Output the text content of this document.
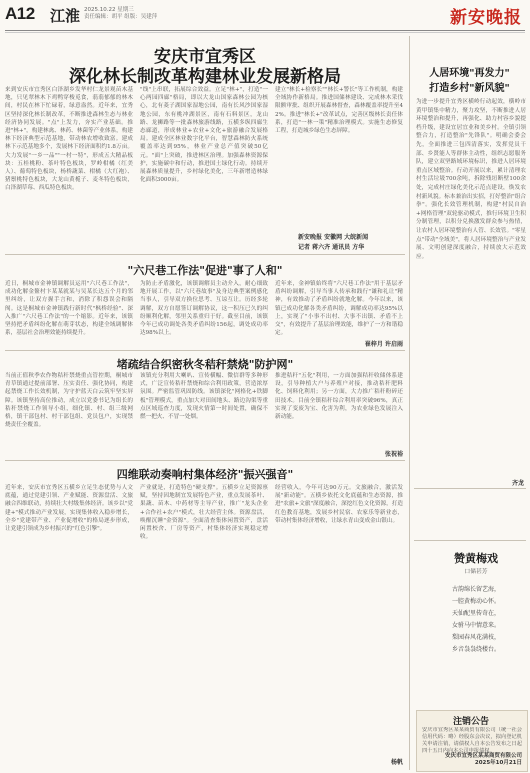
A12 江淮 2025.10.22 星期三
责任编辑：胡平 组版：吴建萍	新安晚报
安庆市宜秀区
深化林长制改革构建林业发展新格局
来到安庆市宜秀区白泽湖乡发华村仁龙景观苗木基地，只见翠林木下鸡鸭穿梭觅食，蓊蓊郁郁的林木间，村民在林下忙碌着，绿意盎然。近年来，宜秀区坚持深化林长制改革，不断推进森林生态与林业经济协同发展。"点"上发力，夯实产业基础。推进"林+"，构建林禽、林药、林菌等产业体系，构建林下经济典型示范基地，带动林农增收致富。建成林下示范基地多个，发展林下经济面积约1.8万亩。大力发展"一乡一品""一村一特"，形成五大精品板块：五桂桃粉、茶叶特色板块，罗岭柑橘（红美人）、葡萄特色板块，杨桥蔬菜、柑橘（大红袍）、猪鬃桃特色板块，大龙山黄栀子、麦冬特色板块，白泽湖草莓、西瓜特色板块。
"线"上串联，拓展综合效益。立足"林+"，打造"一心两园四廊"格局，即以大龙山国家森林公园为核心，北有菱子湖国家湿地公园，南有长风沙国家湿地公园，东有桃冲湖景区，南有石料景区，龙山路、龙狮路等一批森林旅游线路，五横多纵四廊生态廊道，形成林业+农业+文化+旅游融合发展格局。建成全区林业数字化平台，智慧森林防火系统覆盖率达到95%，林业产业总产值突破50亿元。"面"上突破，推进林区治理。加强森林资源保护，实施碳中和行动，推进国土绿化行动。持续开展森林质量提升，乡村绿化美化，三年新增造林绿化面积3000亩。
建立"林长+检察长""林长+警长"等工作机制，构建全域协作新格局。推进国储林建设、完成林木采伐限额审批、组织开展森林督查，森林覆盖率提升至42%。推进"林长+"改革试点，完善区级林长责任体系，打造"一林一策"精准治理模式。实施生态修复工程，打造城乡绿色生态屏障。
新安晚报 安徽网 大皖新闻
记者 蒋六齐 通讯员 方华
人居环境"再发力"
打造乡村"新风貌"
为进一步提升宜秀区横岭行动起效，横岭市黄甲镇集中精力，聚力攻坚，不断推进人居环境整治和提升，再强化、助力村容乡貌提档升级，建设宜居宜业和美乡村。全镇引领整合力，打造整治"先锋队"。明确会委会先，全面推进三包四清落实，发挥党员干部、乡贤能人等群体主动性，组织志愿服务队，建立双坚路域环境标识，推进人居环境重点区域整治。行动开展以来，累计清理农村生活垃圾700余吨，拆除残垣断壁100余处，完成村庄绿化美化示范点建设，焕发农村新风貌。标本兼治出实招，打好整治"组合拳"。强化长效管理机制，构建"村民自治+网格管理"双轮驱动模式，推行环境卫生积分制管理，以积分兑换激发群众参与热情，让农村人居环境整治有人管、长效管。"零星点"带动"全域美"，将人居环境整治与产业发展、文明创建深度融合，持续放大示范效应。
齐龙
"六尺巷工作法"促进"事了人和"
近日，桐城市金神镇调解员运用"六尺巷工作法"，成功化解金鳌村卞某某就某与吴某长达五个月的邻里纠纷，让双方握手言和，消除了积怨误会和隔阂。这是桐城市金神镇践行新时代"枫桥经验"、深入推广"六尺巷工作法"的一个缩影。近年来，该镇坚持把矛盾纠纷化解在萌芽状态，构建全域调解体系，基层社会治理效能持续提升。
为防止矛盾激化，该镇调解员主动介入，耐心细致地开展工作，以"六尺巷故事"及身边典型案例感化当事人，引导双方换位思考、互谅互让。历经多轮调解，双方自愿签订调解协议，这一积压已久的纠纷顺利化解，邻里关系重归于好。截至目前，该镇今年已成功调处各类矛盾纠纷156起，调处成功率达98%以上。
近年来，金神镇始终将"六尺巷工作法"用于基层矛盾纠纷调解，引导当事人传承和践行"谦和礼让"精神，有效推动了矛盾纠纷就地化解。今年以来，该镇已成功化解各类矛盾纠纷，调解成功率达95%以上，实现了"小事不出村、大事不出镇、矛盾不上交"，有效提升了基层治理效能，维护了一方和谐稳定。
崔梓月 许启雨
堵疏结合织密秋冬秸秆禁烧"防护网"
当前正值秋季农作物秸秆禁烧重点管控期，桐城市青草镇通过提前部署、压实责任、强化协同，构建起禁烧工作长效机制，为守护蓝天白云筑牢坚实屏障。该镇坚持高位推动，成立以党委书记为组长的秸秆禁烧工作领导小组，细化镇、村、组三级网格，镇干部包村、村干部包组、党员包户，实现禁烧责任全覆盖。
该镇充分利用大喇叭、宣传横幅、微信群等多种形式，广泛宣传秸秆禁烧和综合利用政策，营造浓厚氛围。严密监管巩固防线。该镇深化"网格化+铁脚板"管理模式，重点加大对田间地头、路边沟渠等重点区域巡查力度，发现火情第一时间处置，确保不燃一把火、不冒一处烟。
推进秸秆"五化"利用，一方面加强秸秆收储体系建设，引导种植大户与养殖户对接，推动秸秆肥料化、饲料化利用；另一方面，大力推广秸秆粉碎还田技术。目前全镇秸秆综合利用率突破96%，真正实现了变废为宝、化害为利，为农业绿色发展注入新动能。
张祝裕
四维联动奏响村集体经济"振兴强音"
近年来，安庆市宜秀区五横乡立足生态优势与人文底蕴，通过党建引领、产业赋能、资源盘活、文旅融合四维联动，持续壮大村级集体经济。该乡以"党建+"模式推动产业发展，实现集体收入稳步增长，全乡"党建带产业、产业促增收"的格局逐步形成，让党建引领成为乡村振兴的"红色引擎"。
产业就是，打造特色"硬支撑"。五横乡立足资源禀赋，坚持因地制宜发展特色产业，重点发展茶叶、果蔬、苗木、中药材等主导产业，推广"龙头企业+合作社+农户"模式，壮大经营主体。资源盘活，唤醒沉睡"金资源"。全面清查集体闲置资产，盘活闲置校舍、厂房等资产，村集体经济实现稳定增收。
经营收入，今年可达90万元。文旅融合，激活发展"新动能"。五横乡依托文化底蕴和生态资源，推进"农旅+文旅"深度融合，深挖红色文化资源，打造红色教育基地，发展乡村民宿、农家乐等新业态，带动村集体经济增收，让绿水青山变成金山银山。
杨帆
赞黄梅戏
口储甚芳
古韵绵长留艺海，
一腔黄梅动心怀。
天仙配里传奇在，
女驸马中情意来。
梨园春风花满枝，
乡音袅袅绕楼台。
注销公告
安庆市宜秀区某某商贸有限公司（统一社会信用代码：略）经股东会决议，拟向登记机关申请注销，请债权人自本公告发布之日起四十五日内向本公司申报债权。
安庆市宜秀区某某商贸有限公司
2025年10月21日
